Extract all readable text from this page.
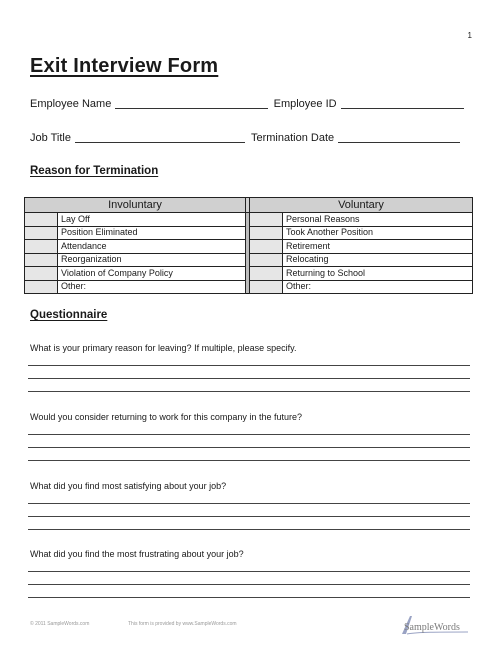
1
Exit Interview Form
Employee Name	Employee ID
Job Title	Termination Date
Reason for Termination
Involuntary			Voluntary	
	Lay Off			Personal Reasons
	Position Eliminated			Took Another Position
	Attendance			Retirement
	Reorganization			Relocating
	Violation of Company Policy			Returning to School
	Other:			Other:
Questionnaire
What is your primary reason for leaving? If multiple, please specify.
Would you consider returning to work for this company in the future?
What did you find most satisfying about your job?
What did you find the most frustrating about your job?
© 2011 SampleWords.com	This form is provided by www.SampleWords.com	SampleWords
